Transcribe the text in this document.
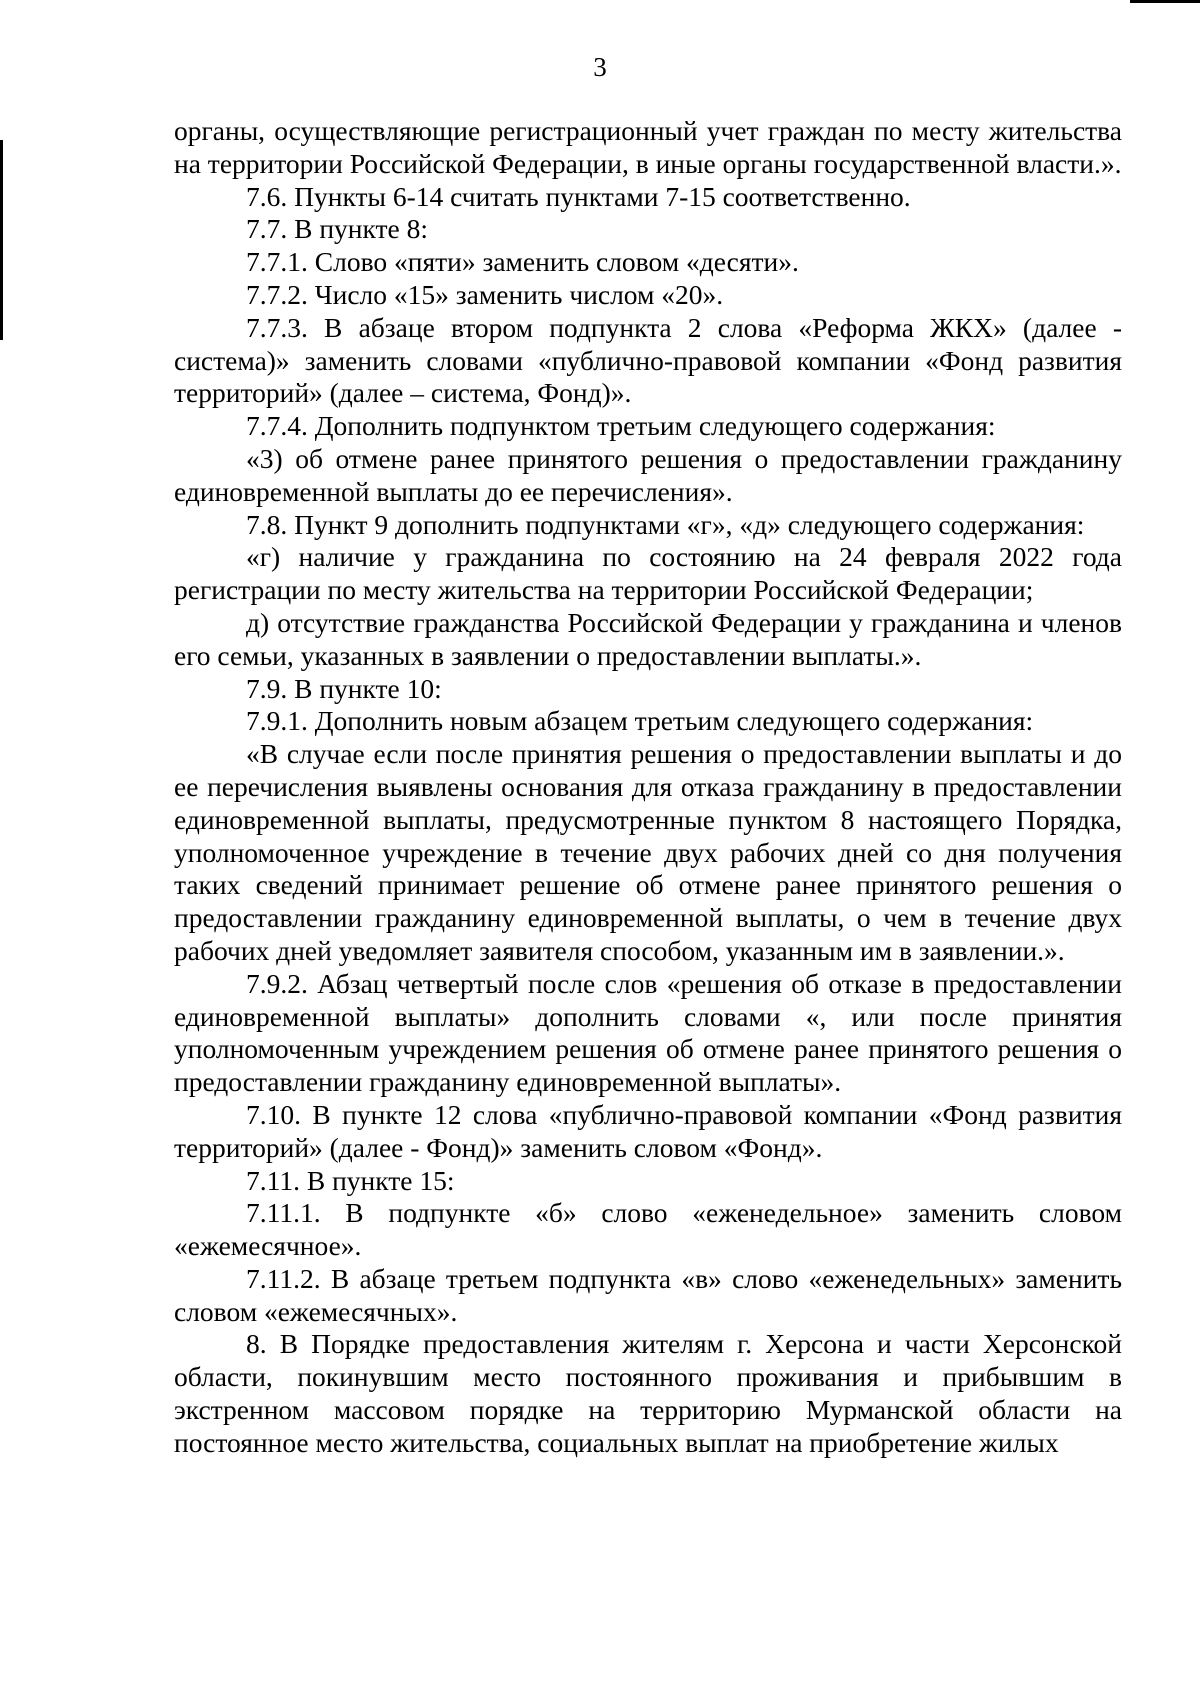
3

органы, осуществляющие регистрационный учет граждан по месту жительства на территории Российской Федерации, в иные органы государственной власти.».

7.6. Пункты 6-14 считать пунктами 7-15 соответственно.

7.7. В пункте 8:

7.7.1. Слово «пяти» заменить словом «десяти».

7.7.2. Число «15» заменить числом «20».

7.7.3. В абзаце втором подпункта 2 слова «Реформа ЖКХ» (далее - система)» заменить словами «публично-правовой компании «Фонд развития территорий» (далее – система, Фонд)».

7.7.4. Дополнить подпунктом третьим следующего содержания:

«3) об отмене ранее принятого решения о предоставлении гражданину единовременной выплаты до ее перечисления».

7.8. Пункт 9 дополнить подпунктами «г», «д» следующего содержания:

«г) наличие у гражданина по состоянию на 24 февраля 2022 года регистрации по месту жительства на территории Российской Федерации;

д) отсутствие гражданства Российской Федерации у гражданина и членов его семьи, указанных в заявлении о предоставлении выплаты.».

7.9. В пункте 10:

7.9.1. Дополнить новым абзацем третьим следующего содержания:

«В случае если после принятия решения о предоставлении выплаты и до ее перечисления выявлены основания для отказа гражданину в предоставлении единовременной выплаты, предусмотренные пунктом 8 настоящего Порядка, уполномоченное учреждение в течение двух рабочих дней со дня получения таких сведений принимает решение об отмене ранее принятого решения о предоставлении гражданину единовременной выплаты, о чем в течение двух рабочих дней уведомляет заявителя способом, указанным им в заявлении.».

7.9.2. Абзац четвертый после слов «решения об отказе в предоставлении единовременной выплаты» дополнить словами «, или после принятия уполномоченным учреждением решения об отмене ранее принятого решения о предоставлении гражданину единовременной выплаты».

7.10. В пункте 12 слова «публично-правовой компании «Фонд развития территорий» (далее - Фонд)» заменить словом «Фонд».

7.11. В пункте 15:

7.11.1. В подпункте «б» слово «еженедельное» заменить словом «ежемесячное».

7.11.2. В абзаце третьем подпункта «в» слово «еженедельных» заменить словом «ежемесячных».

8. В Порядке предоставления жителям г. Херсона и части Херсонской области, покинувшим место постоянного проживания и прибывшим в экстренном массовом порядке на территорию Мурманской области на постоянное место жительства, социальных выплат на приобретение жилых
